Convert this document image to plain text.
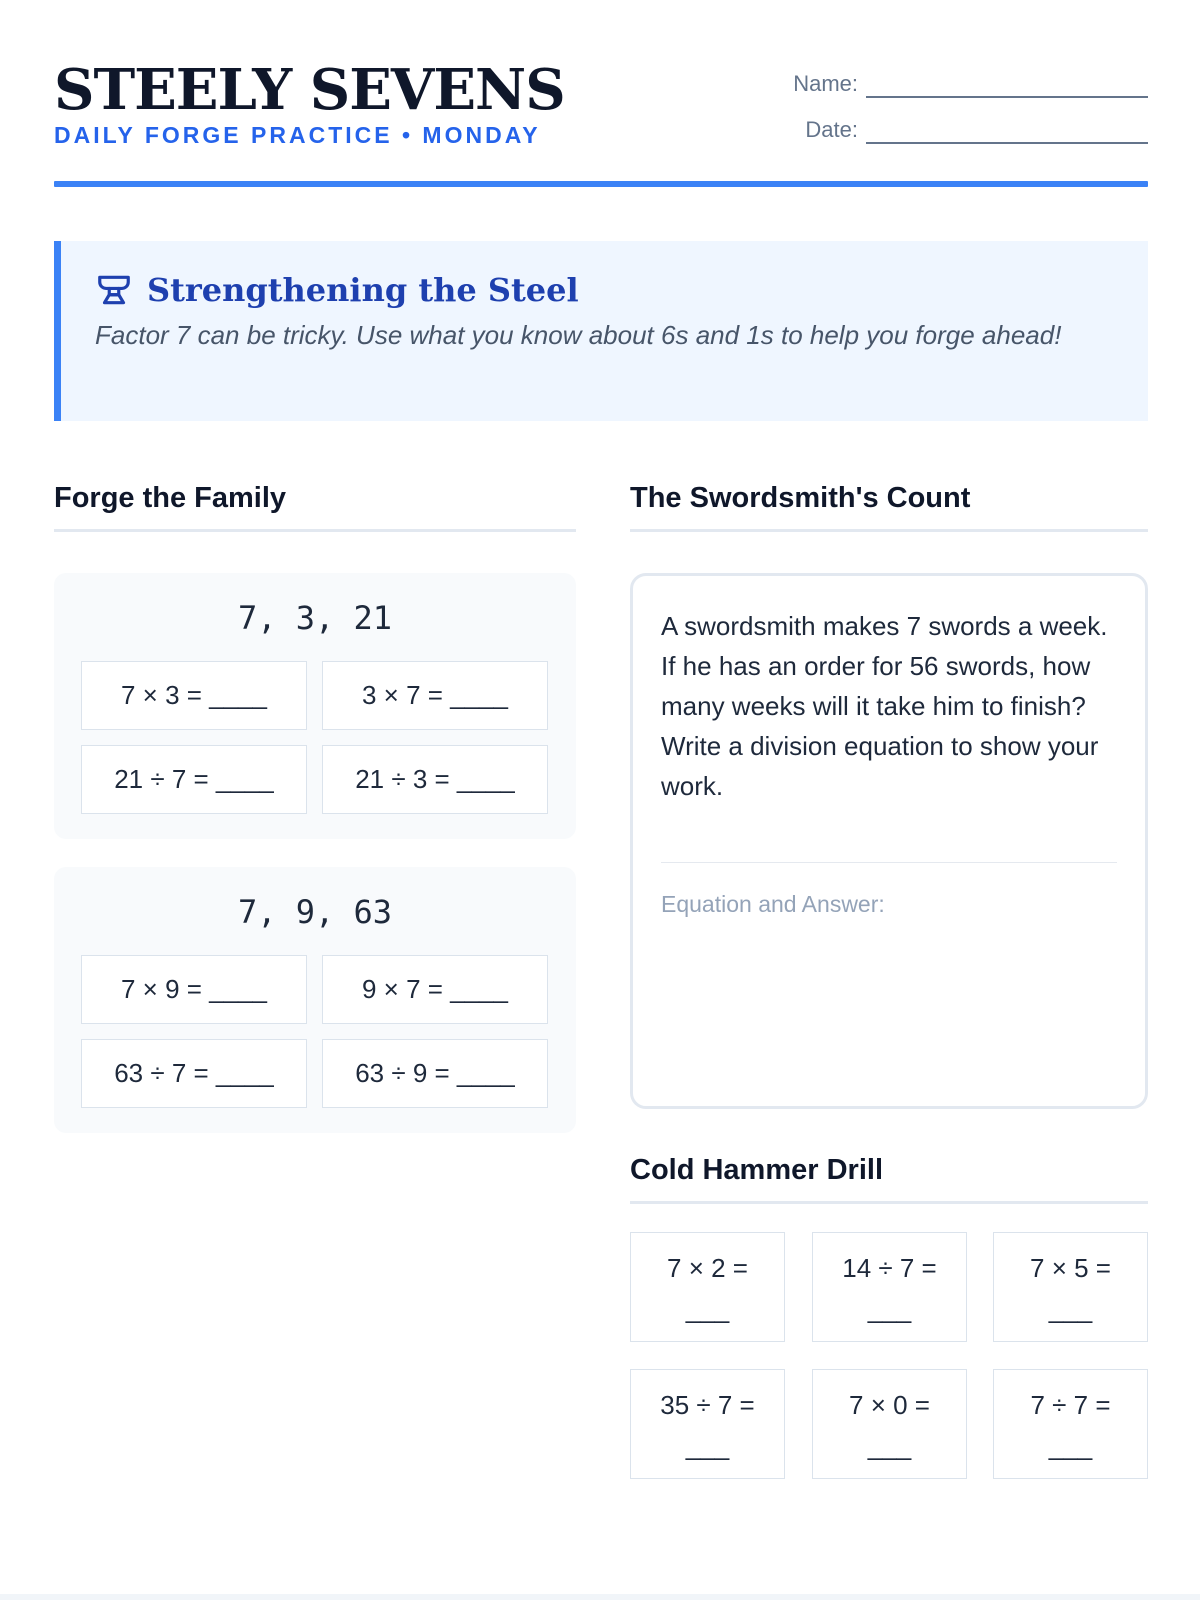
STEELY SEVENS
DAILY FORGE PRACTICE • MONDAY
Name:
Date:
Strengthening the Steel
Factor 7 can be tricky. Use what you know about 6s and 1s to help you forge ahead!
Forge the Family
7, 3, 21
7 × 3 = ____	3 × 7 = ____
21 ÷ 7 = ____	21 ÷ 3 = ____
7, 9, 63
7 × 9 = ____	9 × 7 = ____
63 ÷ 7 = ____	63 ÷ 9 = ____
The Swordsmith's Count
A swordsmith makes 7 swords a week. If he has an order for 56 swords, how many weeks will it take him to finish? Write a division equation to show your work.
Equation and Answer:
Cold Hammer Drill
7 × 2 =
___
14 ÷ 7 =
___
7 × 5 =
___
35 ÷ 7 =
___
7 × 0 =
___
7 ÷ 7 =
___
